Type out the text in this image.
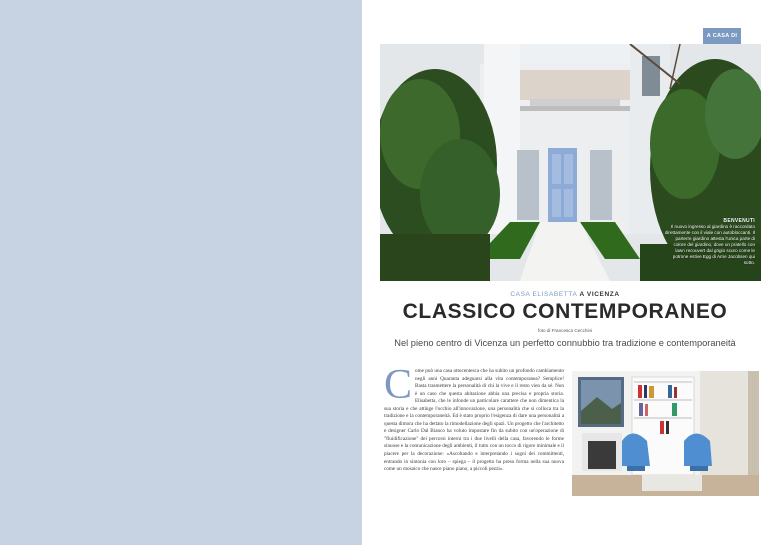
A CASA DI
BENVENUTI
Il nuovo ingresso al giardino è raccordato direttamente con il viale con autobloccanti. Il parterre giardino attesta l'unica parte di colore del giardino, dove un pratello con lawn recouvert dal grigio scuro come le potrone estive Egg di Arne Jacobsen qui sotto.
CASA ELISABETTA A VICENZA
CLASSICO CONTEMPORANEO
foto di Francesco Cecchini
Nel pieno centro di Vicenza un perfetto connubbio tra tradizione e contemporaneità
Come può una casa ottocentesca che ha subito un profondo cambiamento negli anni Quaranta adeguarsi alla vita contemporanea? Semplice! Basta trasmettere la personalità di chi la vive e il resto vien da sé. Non è un caso che questa abitazione abbia una precisa e propria storia. Elisabetta, che le infonde un particolare carattere che non dimentica la sua storia e che attinge l'occhio all'innovazione, una personalità che si colloca tra la tradizione e la contemporaneità. Ed è stato proprio l'esigenza di dare una personalità a questa dimora che ha dettato la rimodellazione degli spazi. Un progetto che l'architetto e designer Carlo Dal Bianco ha voluto impostare fin da subito con un'operazione di "fluidificazione" dei percorsi interni tra i due livelli della casa, favorendo le forme sinuose e la comunicazione degli ambienti, il tutto con un tocco di rigore minimale e il piacere per la decorazione: «Ascoltando e interpretando i sogni dei committenti, entrando in sintonia con loro – spiega – il progetto ha preso forma nella sua nuova come un mosaico che nasce piano piano, a piccoli pezzi».
